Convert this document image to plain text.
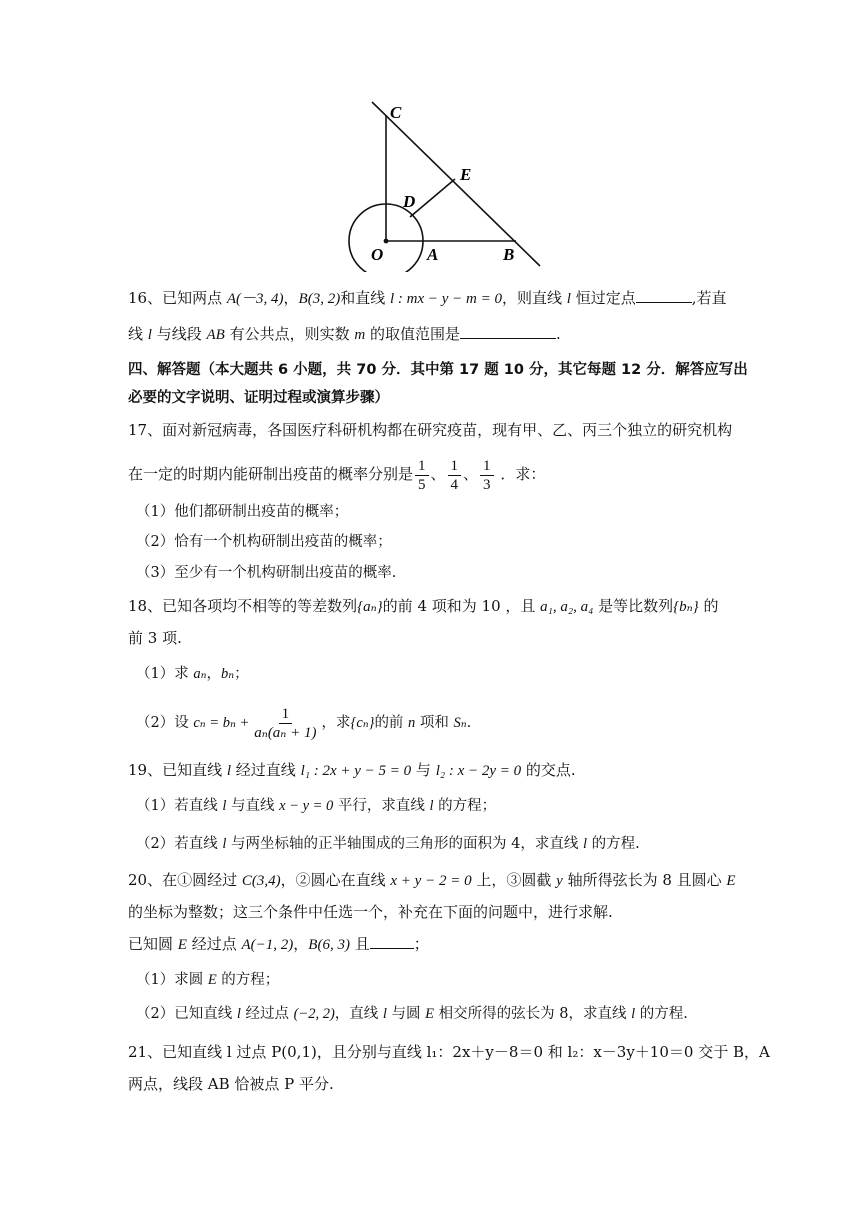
C
E
D
O	A	B
16、已知两点 A(－3, 4)，B(3, 2)和直线 l : mx − y − m = 0，则直线 l 恒过定点	,若直
线 l 与线段 AB 有公共点，则实数 m 的取值范围是	.
四、解答题（本大题共 6 小题，共 70 分．其中第 17 题 10 分，其它每题 12 分．解答应写出
必要的文字说明、证明过程或演算步骤）
17、面对新冠病毒，各国医疗科研机构都在研究疫苗，现有甲、乙、丙三个独立的研究机构
在一定的时期内能研制出疫苗的概率分别是 $\frac{1}{5}$ 、 $\frac{1}{4}$ 、 $\frac{1}{3}$ ．求：
（1）他们都研制出疫苗的概率；
（2）恰有一个机构研制出疫苗的概率；
（3）至少有一个机构研制出疫苗的概率.
18、已知各项均不相等的等差数列{aₙ}的前 4 项和为 10 ，且 a₁, a₂, a₄ 是等比数列{bₙ} 的
前 3 项.
（1）求 aₙ，bₙ；
（2）设 $c_n = b_n + \frac{1}{\text{aₙ(aₙ + 1)}}$ ，求{cₙ}的前 n 项和 Sₙ.
19、已知直线 l 经过直线 l₁ : 2x + y − 5 = 0 与 l₂ : x − 2y = 0 的交点.
（1）若直线 l 与直线 x − y = 0 平行，求直线 l 的方程；
（2）若直线 l 与两坐标轴的正半轴围成的三角形的面积为 4，求直线 l 的方程.
20、在①圆经过 C(3,4)，②圆心在直线 x + y − 2 = 0 上，③圆截 y 轴所得弦长为 8 且圆心 E
的坐标为整数；这三个条件中任选一个，补充在下面的问题中，进行求解.
已知圆 E 经过点 A(−1, 2)，B(6, 3) 且	；
（1）求圆 E 的方程；
（2）已知直线 l 经过点 (−2, 2)，直线 l 与圆 E 相交所得的弦长为 8，求直线 l 的方程.
21、已知直线 l 过点 P(0,1)，且分别与直线 l₁：2x＋y－8＝0 和 l₂：x－3y＋10＝0 交于 B，A
两点，线段 AB 恰被点 P 平分.
